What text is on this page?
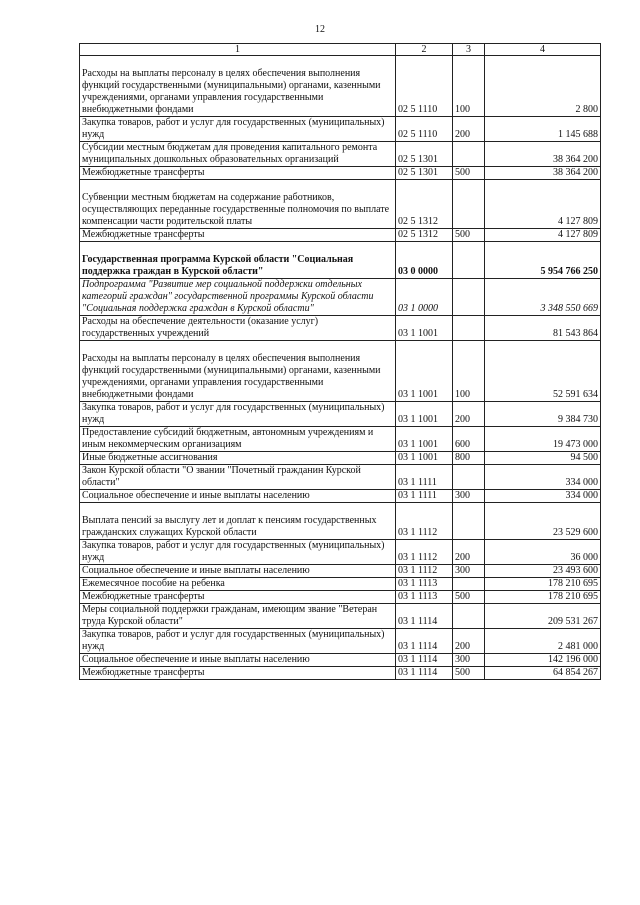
12
1	2	3	4
Расходы на выплаты персоналу в целях обеспечения выполнения функций государственными (муниципальными) органами, казенными учреждениями, органами управления государственными внебюджетными фондами	02 5 1110	100	2 800
Закупка товаров, работ и услуг для государственных (муниципальных) нужд	02 5 1110	200	1 145 688
Субсидии местным бюджетам для проведения капитального ремонта муниципальных дошкольных образовательных организаций	02 5 1301		38 364 200
Межбюджетные трансферты	02 5 1301	500	38 364 200
Субвенции местным бюджетам на содержание работников, осуществляющих переданные государственные полномочия по выплате компенсации части родительской платы	02 5 1312		4 127 809
Межбюджетные трансферты	02 5 1312	500	4 127 809
Государственная программа Курской области "Социальная поддержка граждан в Курской области"	03 0 0000		5 954 766 250
Подпрограмма "Развитие мер социальной поддержки отдельных категорий граждан" государственной программы Курской области "Социальная поддержка граждан в Курской области"	03 1 0000		3 348 550 669
Расходы на обеспечение деятельности (оказание услуг) государственных учреждений	03 1 1001		81 543 864
Расходы на выплаты персоналу в целях обеспечения выполнения функций государственными (муниципальными) органами, казенными учреждениями, органами управления государственными внебюджетными фондами	03 1 1001	100	52 591 634
Закупка товаров, работ и услуг для государственных (муниципальных) нужд	03 1 1001	200	9 384 730
Предоставление субсидий бюджетным, автономным учреждениям и иным некоммерческим организациям	03 1 1001	600	19 473 000
Иные бюджетные ассигнования	03 1 1001	800	94 500
Закон Курской области "О звании "Почетный гражданин Курской области"	03 1 1111		334 000
Социальное обеспечение и иные выплаты населению	03 1 1111	300	334 000
Выплата пенсий за выслугу лет и доплат к пенсиям государственных гражданских служащих Курской области	03 1 1112		23 529 600
Закупка товаров, работ и услуг для государственных (муниципальных) нужд	03 1 1112	200	36 000
Социальное обеспечение и иные выплаты населению	03 1 1112	300	23 493 600
Ежемесячное пособие на ребенка	03 1 1113		178 210 695
Межбюджетные трансферты	03 1 1113	500	178 210 695
Меры социальной поддержки гражданам, имеющим звание "Ветеран труда Курской области"	03 1 1114		209 531 267
Закупка товаров, работ и услуг для государственных (муниципальных) нужд	03 1 1114	200	2 481 000
Социальное обеспечение и иные выплаты населению	03 1 1114	300	142 196 000
Межбюджетные трансферты	03 1 1114	500	64 854 267
